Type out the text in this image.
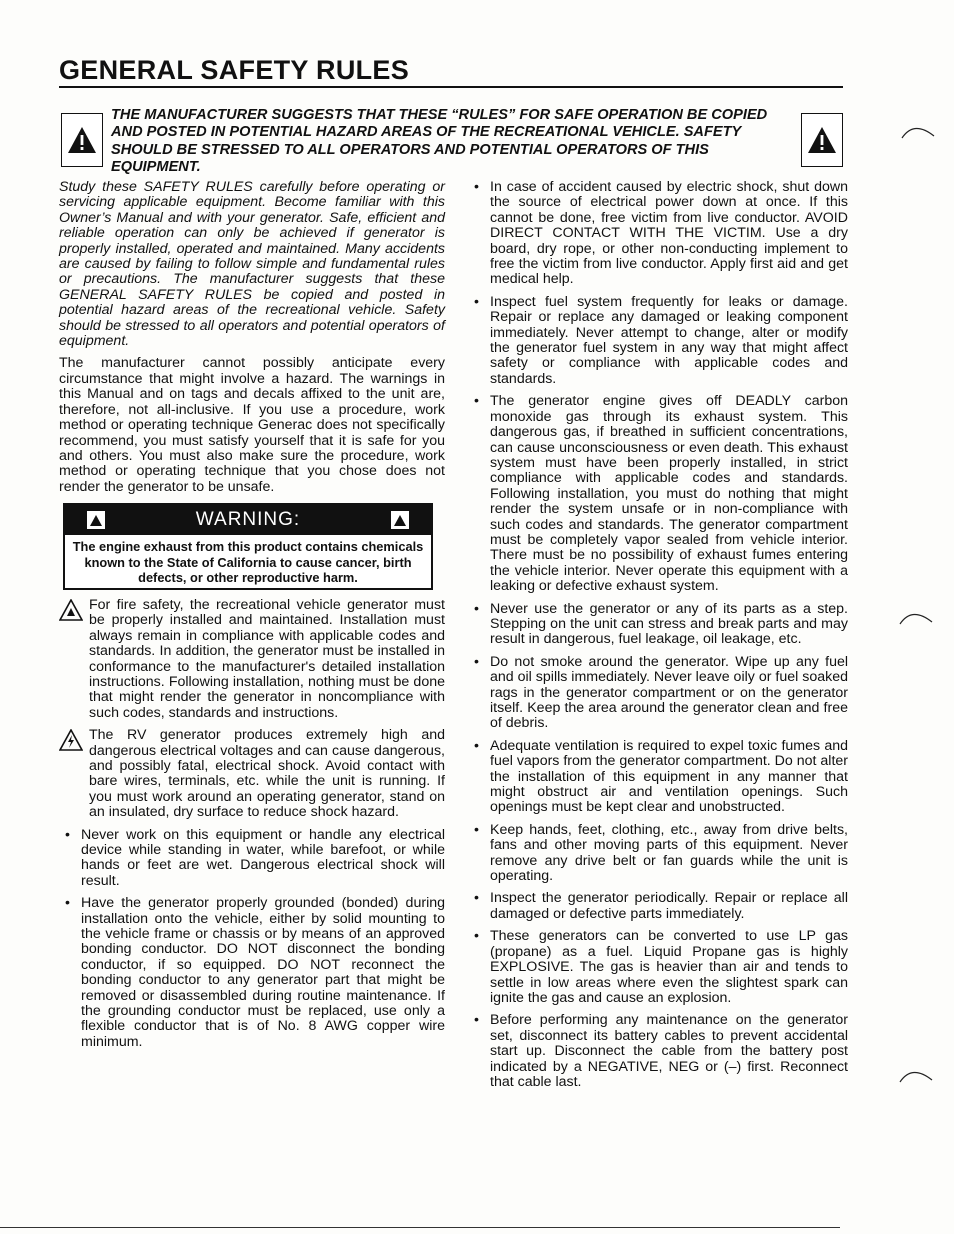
GENERAL SAFETY RULES

THE MANUFACTURER SUGGESTS THAT THESE “RULES” FOR SAFE OPERATION BE COPIED AND POSTED IN POTENTIAL HAZARD AREAS OF THE RECREATIONAL VEHICLE. SAFETY SHOULD BE STRESSED TO ALL OPERATORS AND POTENTIAL OPERATORS OF THIS EQUIPMENT.

Study these SAFETY RULES carefully before operating or servicing applicable equipment. Become familiar with this Owner’s Manual and with your generator. Safe, efficient and reliable operation can only be achieved if generator is properly installed, operated and maintained. Many accidents are caused by failing to follow simple and fundamental rules or precautions. The manufacturer suggests that these GENERAL SAFETY RULES be copied and posted in potential hazard areas of the recreational vehicle. Safety should be stressed to all operators and potential operators of equipment.

The manufacturer cannot possibly anticipate every circumstance that might involve a hazard. The warnings in this Manual and on tags and decals affixed to the unit are, therefore, not all-inclusive. If you use a procedure, work method or operating technique Generac does not specifically recommend, you must satisfy yourself that it is safe for you and others. You must also make sure the procedure, work method or operating technique that you chose does not render the generator to be unsafe.

WARNING:
The engine exhaust from this product contains chemicals known to the State of California to cause cancer, birth defects, or other reproductive harm.

For fire safety, the recreational vehicle generator must be properly installed and maintained. Installation must always remain in compliance with applicable codes and standards. In addition, the generator must be installed in conformance to the manufacturer's detailed installation instructions. Following installation, nothing must be done that might render the generator in noncompliance with such codes, standards and instructions.

The RV generator produces extremely high and dangerous electrical voltages and can cause dangerous, and possibly fatal, electrical shock. Avoid contact with bare wires, terminals, etc. while the unit is running. If you must work around an operating generator, stand on an insulated, dry surface to reduce shock hazard.

• Never work on this equipment or handle any electrical device while standing in water, while barefoot, or while hands or feet are wet. Dangerous electrical shock will result.
• Have the generator properly grounded (bonded) during installation onto the vehicle, either by solid mounting to the vehicle frame or chassis or by means of an approved bonding conductor. DO NOT disconnect the bonding conductor, if so equipped. DO NOT reconnect the bonding conductor to any generator part that might be removed or disassembled during routine maintenance. If the grounding conductor must be replaced, use only a flexible conductor that is of No. 8 AWG copper wire minimum.
• In case of accident caused by electric shock, shut down the source of electrical power down at once. If this cannot be done, free victim from live conductor. AVOID DIRECT CONTACT WITH THE VICTIM. Use a dry board, dry rope, or other non-conducting implement to free the victim from live conductor. Apply first aid and get medical help.
• Inspect fuel system frequently for leaks or damage. Repair or replace any damaged or leaking component immediately. Never attempt to change, alter or modify the generator fuel system in any way that might affect safety or compliance with applicable codes and standards.
• The generator engine gives off DEADLY carbon monoxide gas through its exhaust system. This dangerous gas, if breathed in sufficient concentrations, can cause unconsciousness or even death. This exhaust system must have been properly installed, in strict compliance with applicable codes and standards. Following installation, you must do nothing that might render the system unsafe or in non-compliance with such codes and standards. The generator compartment must be completely vapor sealed from vehicle interior. There must be no possibility of exhaust fumes entering the vehicle interior. Never operate this equipment with a leaking or defective exhaust system.
• Never use the generator or any of its parts as a step. Stepping on the unit can stress and break parts and may result in dangerous, fuel leakage, oil leakage, etc.
• Do not smoke around the generator. Wipe up any fuel and oil spills immediately. Never leave oily or fuel soaked rags in the generator compartment or on the generator itself. Keep the area around the generator clean and free of debris.
• Adequate ventilation is required to expel toxic fumes and fuel vapors from the generator compartment. Do not alter the installation of this equipment in any manner that might obstruct air and ventilation openings. Such openings must be kept clear and unobstructed.
• Keep hands, feet, clothing, etc., away from drive belts, fans and other moving parts of this equipment. Never remove any drive belt or fan guards while the unit is operating.
• Inspect the generator periodically. Repair or replace all damaged or defective parts immediately.
• These generators can be converted to use LP gas (propane) as a fuel. Liquid Propane gas is highly EXPLOSIVE. The gas is heavier than air and tends to settle in low areas where even the slightest spark can ignite the gas and cause an explosion.
• Before performing any maintenance on the generator set, disconnect its battery cables to prevent accidental start up. Disconnect the cable from the battery post indicated by a NEGATIVE, NEG or (–) first. Reconnect that cable last.
